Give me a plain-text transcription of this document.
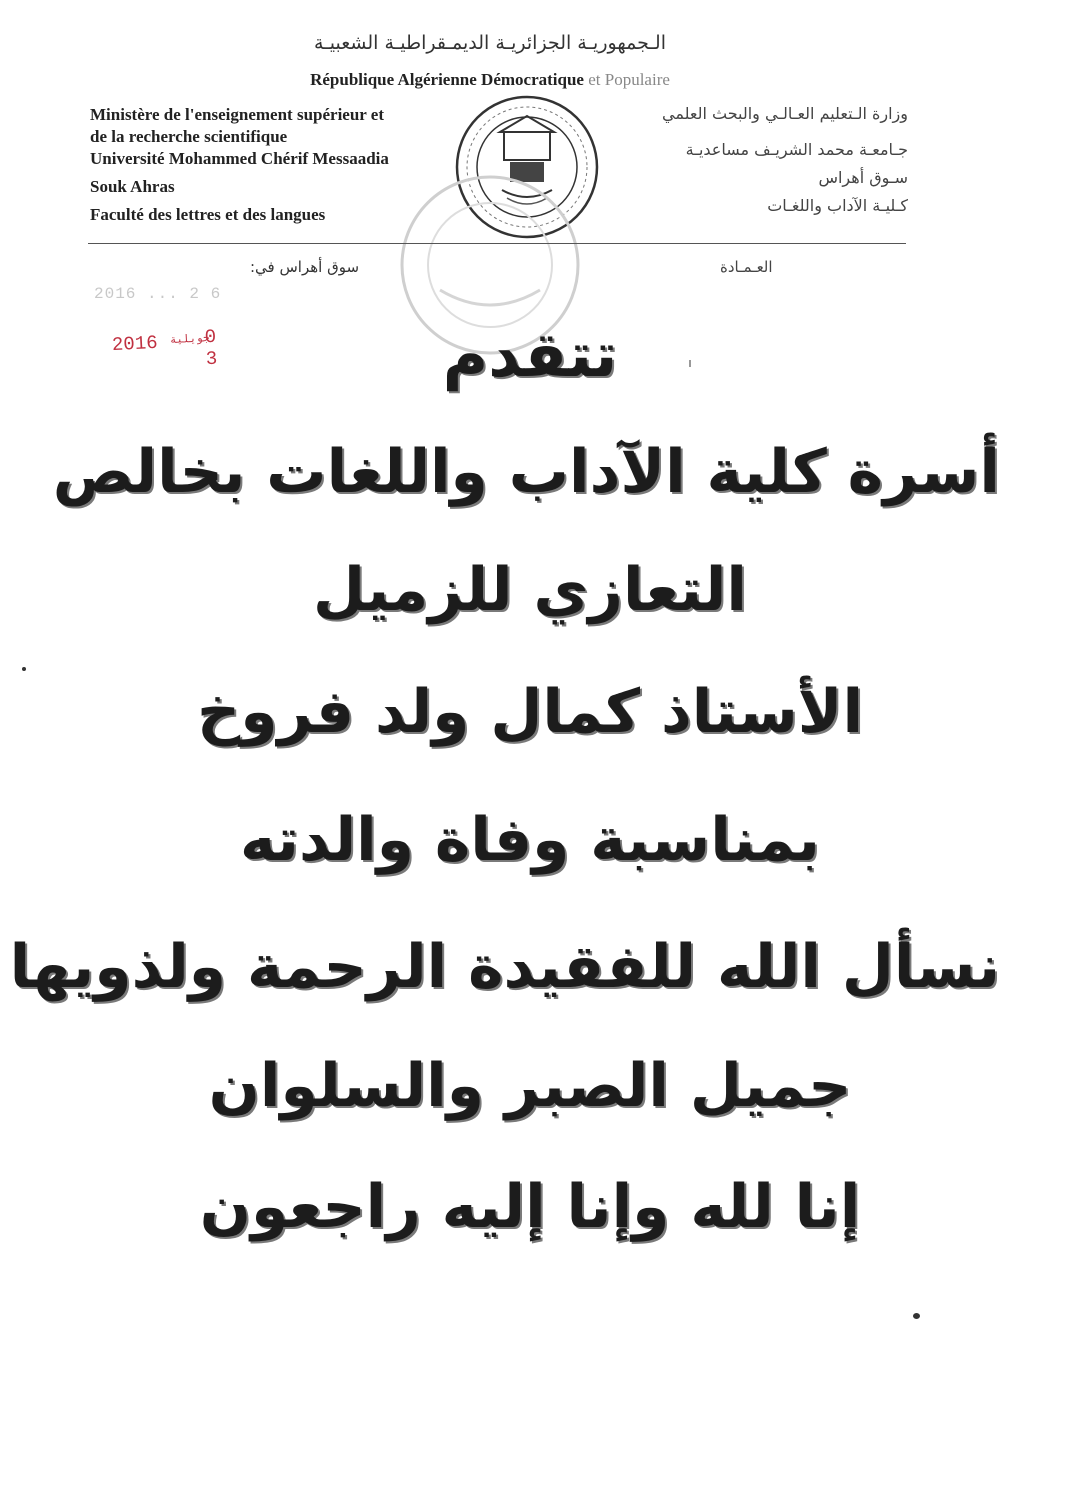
الـجمهوريـة الجزائريـة الديمـقراطيـة الشعبيـة
République Algérienne Démocratique et Populaire
Ministère de l'enseignement supérieur et
de la recherche scientifique
Université Mohammed Chérif Messaadia
Souk Ahras
Faculté des lettres et des langues
وزارة الـتعليم العـالـي والبحث العلمي
جـامعـة محمد الشريـف مساعديـة
سـوق أهراس
كـليـة الآداب واللغـات
سوق أهراس في:	العـمـادة
2016 ... 2 6
2016 جويلية
0 3	تتقدم
أسرة كلية الآداب واللغات بخالص
التعازي للزميل
الأستاذ كمال ولد فروخ
بمناسبة وفاة والدته
نسأل الله للفقيدة الرحمة ولذويها
جميل الصبر والسلوان
إنا لله وإنا إليه راجعون
